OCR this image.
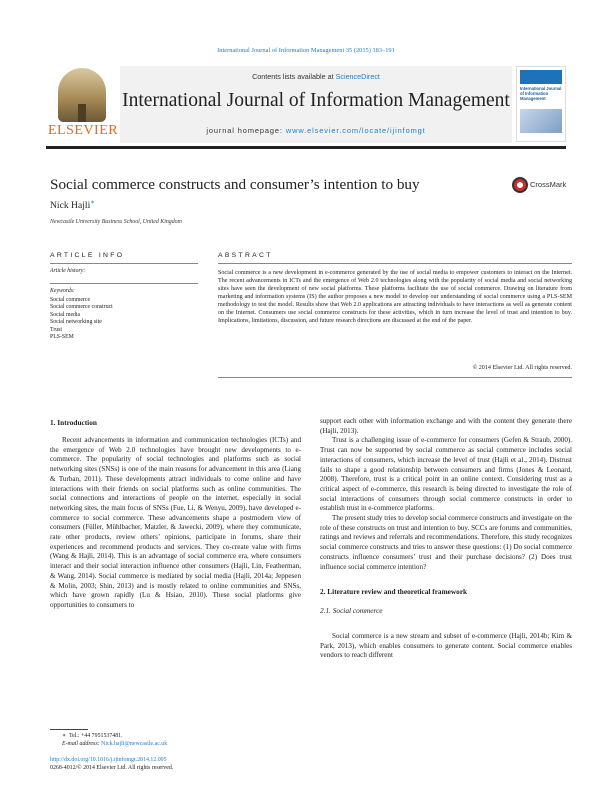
International Journal of Information Management 35 (2015) 183–191
ELSEVIER
Contents lists available at ScienceDirect
International Journal of Information Management
journal homepage: www.elsevier.com/locate/ijinfomgt
International Journal of Information Management
Social commerce constructs and consumer’s intention to buy	CrossMark
Nick Hajli∗
Newcastle University Business School, United Kingdom
ARTICLE INFO	ABSTRACT
Article history:
Keywords:
Social commerce
Social commerce construct
Social media
Social networking site
Trust
PLS-SEM
Social commerce is a new development in e-commerce generated by the use of social media to empower customers to interact on the Internet. The recent advancements in ICTs and the emergence of Web 2.0 technologies along with the popularity of social media and social networking sites have seen the development of new social platforms. These platforms facilitate the use of social commerce. Drawing on literature from marketing and information systems (IS) the author proposes a new model to develop our understanding of social commerce using a PLS-SEM methodology to test the model. Results show that Web 2.0 applications are attracting individuals to have interactions as well as generate content on the Internet. Consumers use social commerce constructs for these activities, which in turn increase the level of trust and intention to buy. Implications, limitations, discussion, and future research directions are discussed at the end of the paper.
© 2014 Elsevier Ltd. All rights reserved.
1. Introduction

Recent advancements in information and communication technologies (ICTs) and the emergence of Web 2.0 technologies have brought new developments to e-commerce. The popularity of social technologies and platforms such as social networking sites (SNSs) is one of the main reasons for advancement in this area (Liang & Turban, 2011). These developments attract individuals to come online and have interactions with their friends on social platforms such as online communities. The social connections and interactions of people on the internet, especially in social networking sites, the main focus of SNSs (Fue, Li, & Wenyu, 2009), have developed e-commerce to social commerce. These advancements shape a postmodern view of consumers (Füller, Mühlbacher, Matzler, & Jawecki, 2009), where they communicate, rate other products, review others’ opinions, participate in forums, share their experiences and recommend products and services. They co-create value with firms (Wang & Hajli, 2014). This is an advantage of social commerce era, where consumers interact and their social interaction influence other consumers (Hajli, Lin, Featherman, & Wang, 2014). Social commerce is mediated by social media (Hajli, 2014a; Jeppesen & Molin, 2003; Shin, 2013) and is mostly related to online communities and SNSs, which have grown rapidly (Lu & Hsiao, 2010). These social platforms give opportunities to consumers to

support each other with information exchange and with the content they generate there (Hajli, 2013).

Trust is a challenging issue of e-commerce for consumers (Gefen & Straub, 2000). Trust can now be supported by social commerce as social commerce includes social interactions of consumers, which increase the level of trust (Hajli et al., 2014). Distrust fails to shape a good relationship between consumers and firms (Jones & Leonard, 2008). Therefore, trust is a critical point in an online context. Considering trust as a critical aspect of e-commerce, this research is being directed to investigate the role of social interactions of consumers through social commerce constructs in order to establish trust in e-commerce platforms.

The present study tries to develop social commerce constructs and investigate on the role of these constructs on trust and intention to buy. SCCs are forums and communities, ratings and reviews and referrals and recommendations. Therefore, this study recognizes social commerce constructs and tries to answer these questions: (1) Do social commerce constructs influence consumers’ trust and their purchase decisions? (2) Does trust influence social commerce intention?

2. Literature review and theoretical framework
2.1. Social commerce

Social commerce is a new stream and subset of e-commerce (Hajli, 2014b; Kim & Park, 2013), which enables consumers to generate content. Social commerce enables vendors to reach different

∗ Tel.: +44 7951537481.
E-mail address: Nick.hajli@newcastle.ac.uk
http://dx.doi.org/10.1016/j.ijinfomgt.2014.12.005
0268-4012/© 2014 Elsevier Ltd. All rights reserved.
